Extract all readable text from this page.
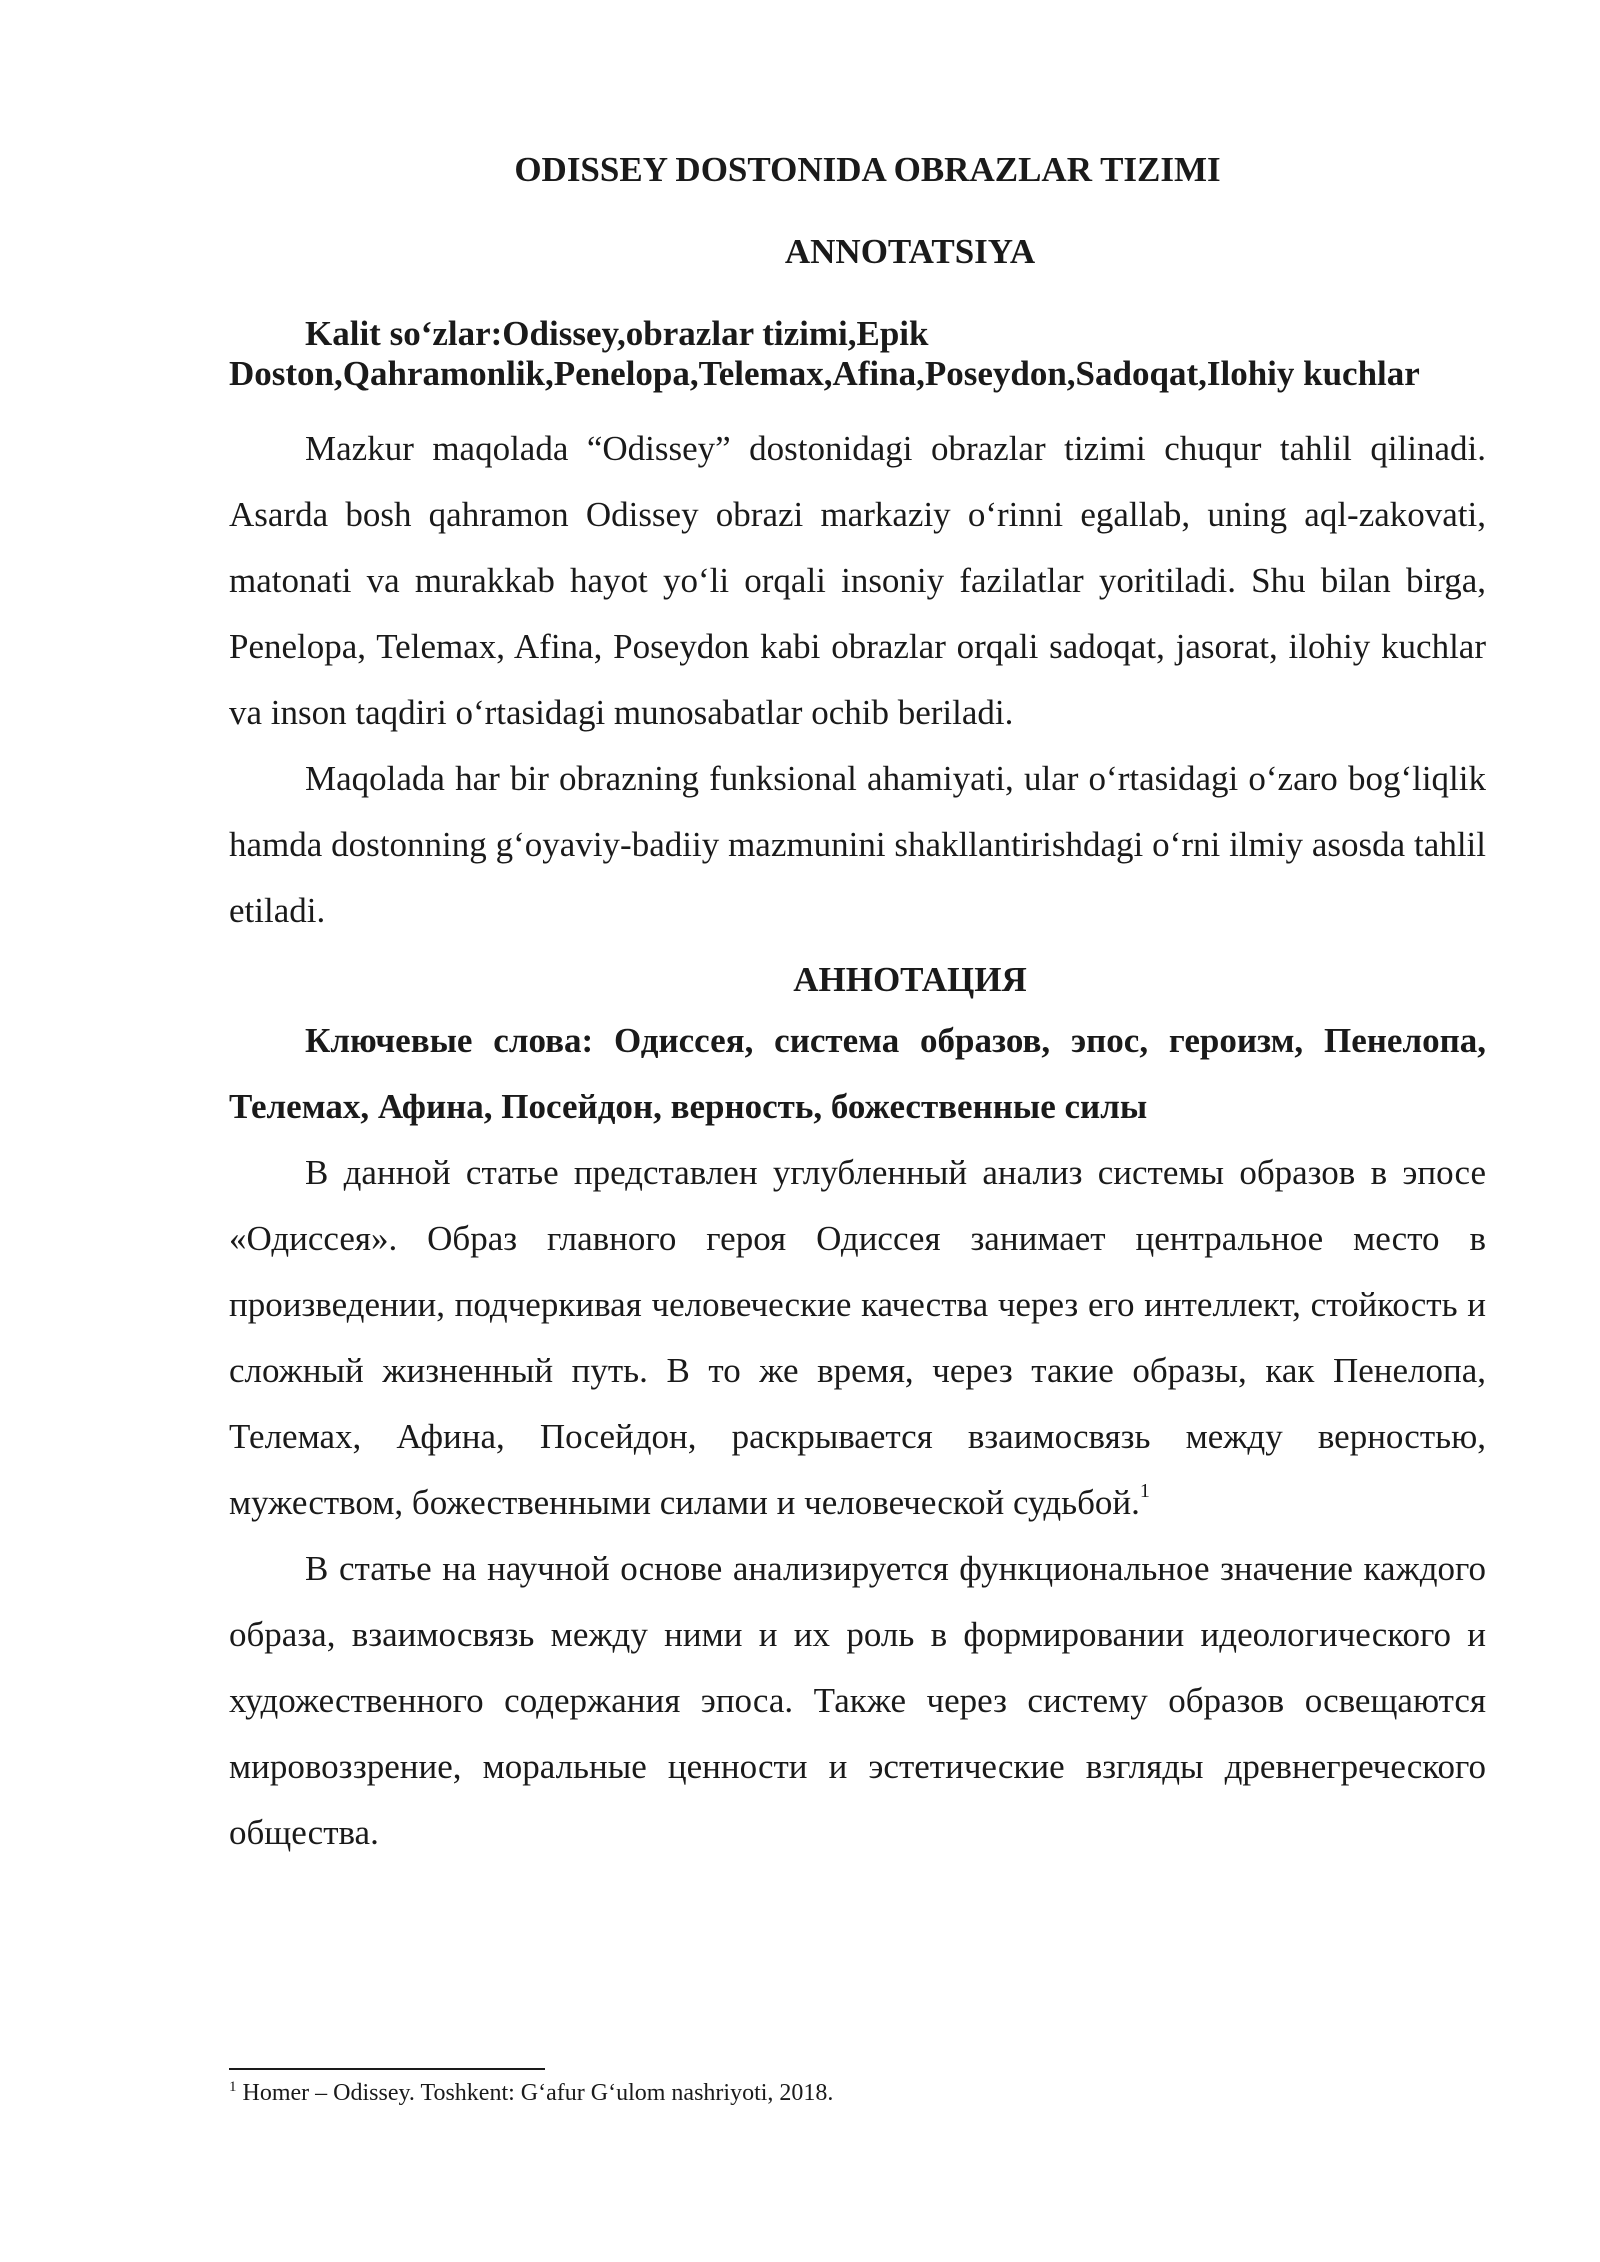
ODISSEY DOSTONIDA OBRAZLAR TIZIMI

ANNOTATSIYA

Kalit so‘zlar:Odissey,obrazlar tizimi,Epik Doston,Qahramonlik,Penelopa,Telemax,Afina,Poseydon,Sadoqat,Ilohiy kuchlar

Mazkur maqolada “Odissey” dostonidagi obrazlar tizimi chuqur tahlil qilinadi. Asarda bosh qahramon Odissey obrazi markaziy o‘rinni egallab, uning aql-zakovati, matonati va murakkab hayot yo‘li orqali insoniy fazilatlar yoritiladi. Shu bilan birga, Penelopa, Telemax, Afina, Poseydon kabi obrazlar orqali sadoqat, jasorat, ilohiy kuchlar va inson taqdiri o‘rtasidagi munosabatlar ochib beriladi.

Maqolada har bir obrazning funksional ahamiyati, ular o‘rtasidagi o‘zaro bog‘liqlik hamda dostonning g‘oyaviy-badiiy mazmunini shakllantirishdagi o‘rni ilmiy asosda tahlil etiladi.

АННОТАЦИЯ

Ключевые слова: Одиссея, система образов, эпос, героизм, Пенелопа, Телемах, Афина, Посейдон, верность, божественные силы

В данной статье представлен углубленный анализ системы образов в эпосе «Одиссея». Образ главного героя Одиссея занимает центральное место в произведении, подчеркивая человеческие качества через его интеллект, стойкость и сложный жизненный путь. В то же время, через такие образы, как Пенелопа, Телемах, Афина, Посейдон, раскрывается взаимосвязь между верностью, мужеством, божественными силами и человеческой судьбой.$^1$

В статье на научной основе анализируется функциональное значение каждого образа, взаимосвязь между ними и их роль в формировании идеологического и художественного содержания эпоса. Также через систему образов освещаются мировоззрение, моральные ценности и эстетические взгляды древнегреческого общества.

$^1$ Homer – Odissey. Toshkent: G‘afur G‘ulom nashriyoti, 2018.
